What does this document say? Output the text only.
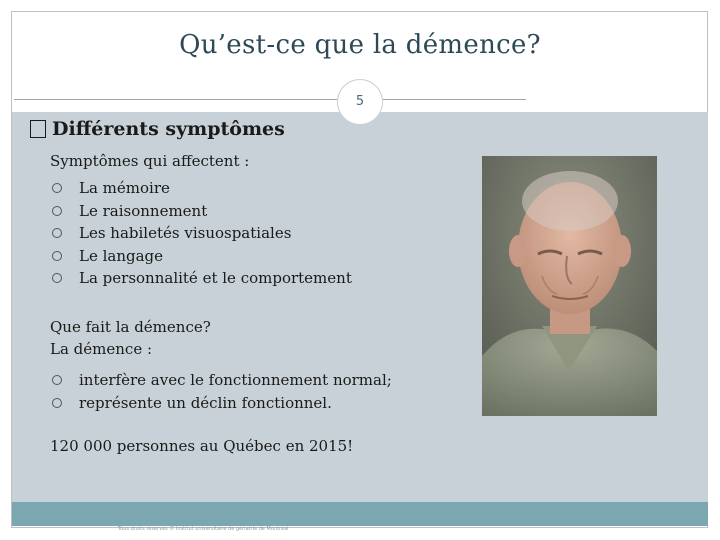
Qu’est-ce que la démence?
5
Différents symptômes
Symptômes qui affectent :
La mémoire
Le raisonnement
Les habiletés visuospatiales
Le langage
La personnalité et le comportement
Que fait la démence?
La démence :
interfère avec le fonctionnement normal;
représente un déclin fonctionnel.
120 000 personnes au Québec en 2015!
Tous droits réservés © Institut universitaire de gériatrie de Montréal
